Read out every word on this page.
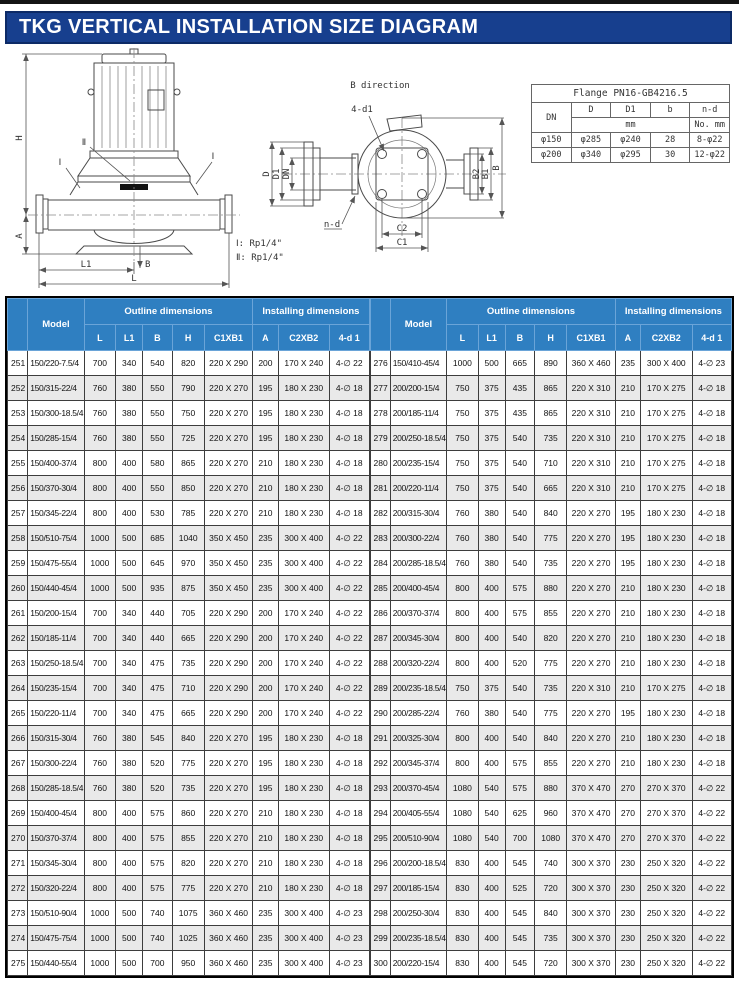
TKG VERTICAL INSTALLATION SIZE DIAGRAM
H
A
L1
L
B
Ⅱ
Ⅰ
Ⅰ
Ⅰ: Rp1/4"
Ⅱ: Rp1/4"
B direction
4-d1
n-d
D D1 DN
C2
C1
B2 B1
B
Flange PN16-GB4216.5				
DN	D	D1	b	n-d
	mm			No. mm
φ150	φ285	φ240	28	8-φ22
φ200	φ340	φ295	30	12-φ22
	Model	Outline dimensions					Installing dimensions		
		L	L1	B	H	C1XB1	A	C2XB2	4-d 1
251	150/220-7.5/4	700	340	540	820	220 X 290	200	170 X 240	4-∅ 22
252	150/315-22/4	760	380	550	790	220 X 270	195	180 X 230	4-∅ 18
253	150/300-18.5/4	760	380	550	750	220 X 270	195	180 X 230	4-∅ 18
254	150/285-15/4	760	380	550	725	220 X 270	195	180 X 230	4-∅ 18
255	150/400-37/4	800	400	580	865	220 X 270	210	180 X 230	4-∅ 18
256	150/370-30/4	800	400	550	850	220 X 270	210	180 X 230	4-∅ 18
257	150/345-22/4	800	400	530	785	220 X 270	210	180 X 230	4-∅ 18
258	150/510-75/4	1000	500	685	1040	350 X 450	235	300 X 400	4-∅ 22
259	150/475-55/4	1000	500	645	970	350 X 450	235	300 X 400	4-∅ 22
260	150/440-45/4	1000	500	935	875	350 X 450	235	300 X 400	4-∅ 22
261	150/200-15/4	700	340	440	705	220 X 290	200	170 X 240	4-∅ 22
262	150/185-11/4	700	340	440	665	220 X 290	200	170 X 240	4-∅ 22
263	150/250-18.5/4	700	340	475	735	220 X 290	200	170 X 240	4-∅ 22
264	150/235-15/4	700	340	475	710	220 X 290	200	170 X 240	4-∅ 22
265	150/220-11/4	700	340	475	665	220 X 290	200	170 X 240	4-∅ 22
266	150/315-30/4	760	380	545	840	220 X 270	195	180 X 230	4-∅ 18
267	150/300-22/4	760	380	520	775	220 X 270	195	180 X 230	4-∅ 18
268	150/285-18.5/4	760	380	520	735	220 X 270	195	180 X 230	4-∅ 18
269	150/400-45/4	800	400	575	860	220 X 270	210	180 X 230	4-∅ 18
270	150/370-37/4	800	400	575	855	220 X 270	210	180 X 230	4-∅ 18
271	150/345-30/4	800	400	575	820	220 X 270	210	180 X 230	4-∅ 18
272	150/320-22/4	800	400	575	775	220 X 270	210	180 X 230	4-∅ 18
273	150/510-90/4	1000	500	740	1075	360 X 460	235	300 X 400	4-∅ 23
274	150/475-75/4	1000	500	740	1025	360 X 460	235	300 X 400	4-∅ 23
275	150/440-55/4	1000	500	700	950	360 X 460	235	300 X 400	4-∅ 23
	Model	Outline dimensions					Installing dimensions		
		L	L1	B	H	C1XB1	A	C2XB2	4-d 1
276	150/410-45/4	1000	500	665	890	360 X 460	235	300 X 400	4-∅ 23
277	200/200-15/4	750	375	435	865	220 X 310	210	170 X 275	4-∅ 18
278	200/185-11/4	750	375	435	865	220 X 310	210	170 X 275	4-∅ 18
279	200/250-18.5/4	750	375	540	735	220 X 310	210	170 X 275	4-∅ 18
280	200/235-15/4	750	375	540	710	220 X 310	210	170 X 275	4-∅ 18
281	200/220-11/4	750	375	540	665	220 X 310	210	170 X 275	4-∅ 18
282	200/315-30/4	760	380	540	840	220 X 270	195	180 X 230	4-∅ 18
283	200/300-22/4	760	380	540	775	220 X 270	195	180 X 230	4-∅ 18
284	200/285-18.5/4	760	380	540	735	220 X 270	195	180 X 230	4-∅ 18
285	200/400-45/4	800	400	575	880	220 X 270	210	180 X 230	4-∅ 18
286	200/370-37/4	800	400	575	855	220 X 270	210	180 X 230	4-∅ 18
287	200/345-30/4	800	400	540	820	220 X 270	210	180 X 230	4-∅ 18
288	200/320-22/4	800	400	520	775	220 X 270	210	180 X 230	4-∅ 18
289	200/235-18.5/4	750	375	540	735	220 X 310	210	170 X 275	4-∅ 18
290	200/285-22/4	760	380	540	775	220 X 270	195	180 X 230	4-∅ 18
291	200/325-30/4	800	400	540	840	220 X 270	210	180 X 230	4-∅ 18
292	200/345-37/4	800	400	575	855	220 X 270	210	180 X 230	4-∅ 18
293	200/370-45/4	1080	540	575	880	370 X 470	270	270 X 370	4-∅ 22
294	200/405-55/4	1080	540	625	960	370 X 470	270	270 X 370	4-∅ 22
295	200/510-90/4	1080	540	700	1080	370 X 470	270	270 X 370	4-∅ 22
296	200/200-18.5/4	830	400	545	740	300 X 370	230	250 X 320	4-∅ 22
297	200/185-15/4	830	400	525	720	300 X 370	230	250 X 320	4-∅ 22
298	200/250-30/4	830	400	545	840	300 X 370	230	250 X 320	4-∅ 22
299	200/235-18.5/4	830	400	545	735	300 X 370	230	250 X 320	4-∅ 22
300	200/220-15/4	830	400	545	720	300 X 370	230	250 X 320	4-∅ 22
